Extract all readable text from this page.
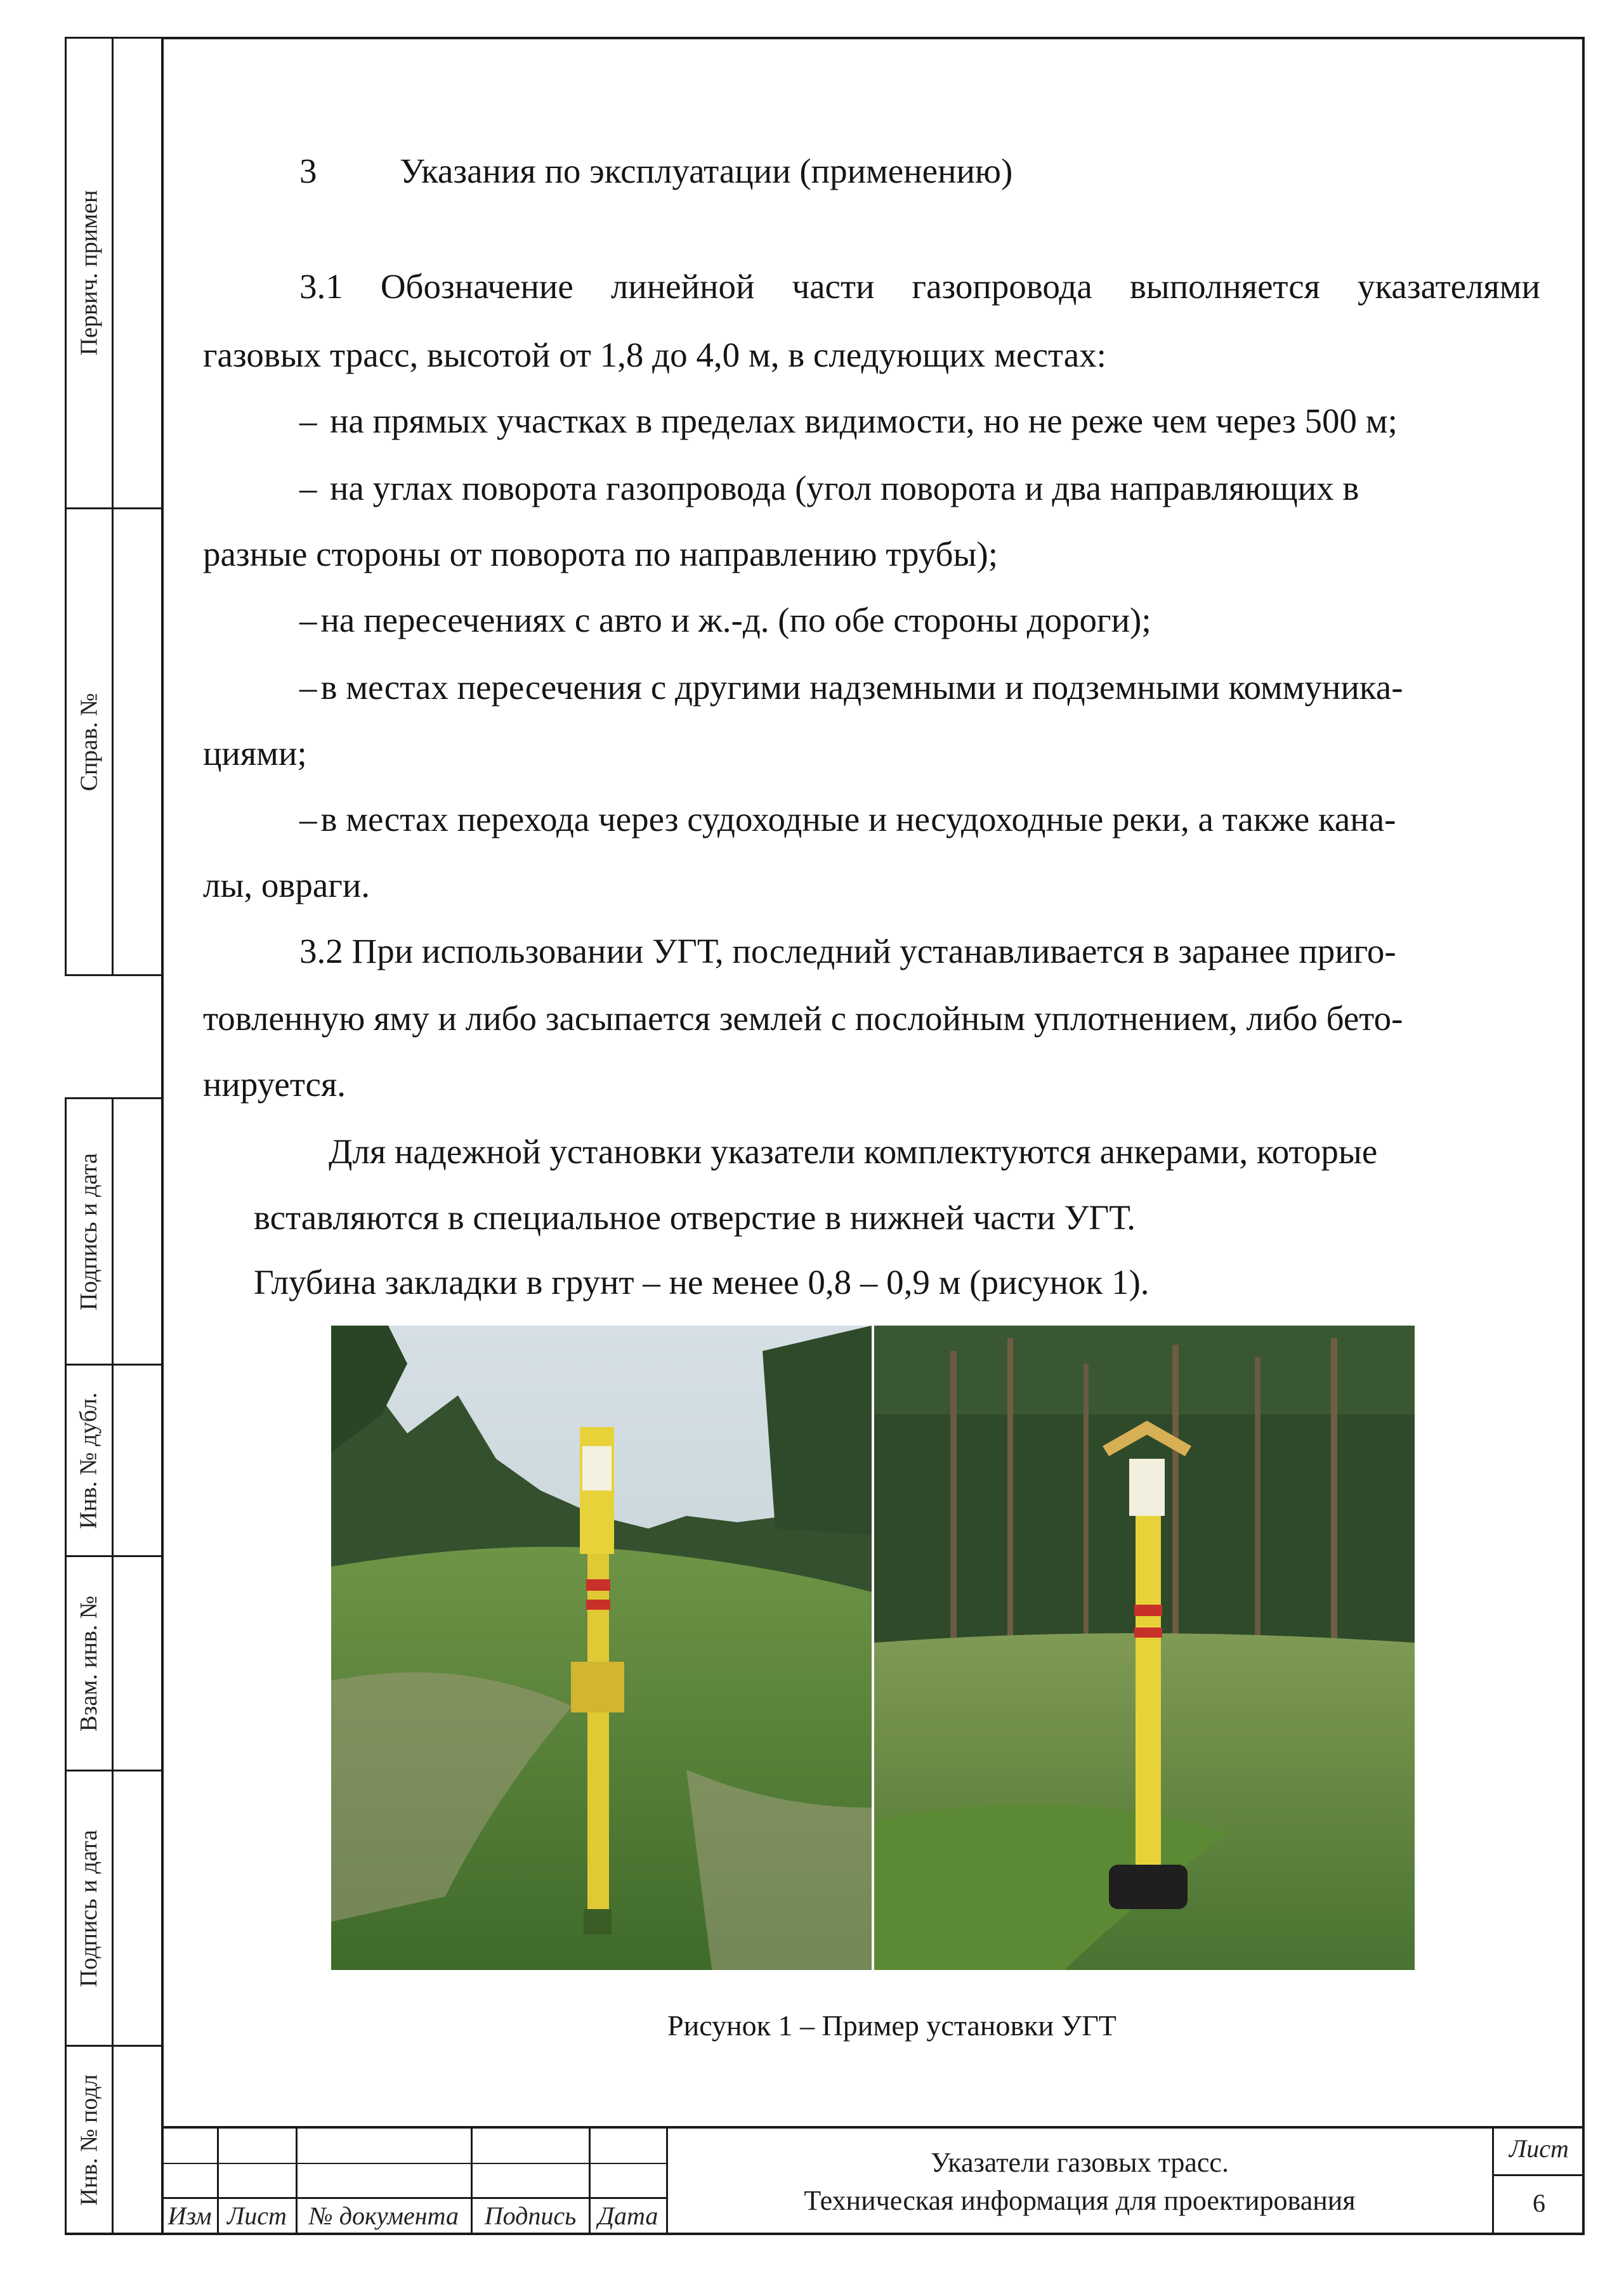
Первич. примен
Справ. №
Подпись и дата
Инв. № дубл.
Взам. инв. №
Подпись и дата
Инв. № подл
3 Указания по эксплуатации (применению)
3.1 Обозначение линейной части газопровода выполняется указателями
газовых трасс, высотой от 1,8 до 4,0 м, в следующих местах:
– на прямых участках в пределах видимости, но не реже чем через 500 м;
– на углах поворота газопровода (угол поворота и два направляющих в
разные стороны от поворота по направлению трубы);
– на пересечениях с авто и ж.-д. (по обе стороны дороги);
– в местах пересечения с другими надземными и подземными коммуника-
циями;
– в местах перехода через судоходные и несудоходные реки, а также кана-
лы, овраги.
3.2 При использовании УГТ, последний устанавливается в заранее приго-
товленную яму и либо засыпается землей с послойным уплотнением, либо бето-
нируется.
Для надежной установки указатели комплектуются анкерами, которые
вставляются в специальное отверстие в нижней части УГТ.
Глубина закладки в грунт – не менее 0,8 – 0,9 м (рисунок 1).
Рисунок 1 – Пример установки УГТ
Изм Лист № документа	Подпись Дата
Указатели газовых трасс.
Техническая информация для проектирования
Лист
6
